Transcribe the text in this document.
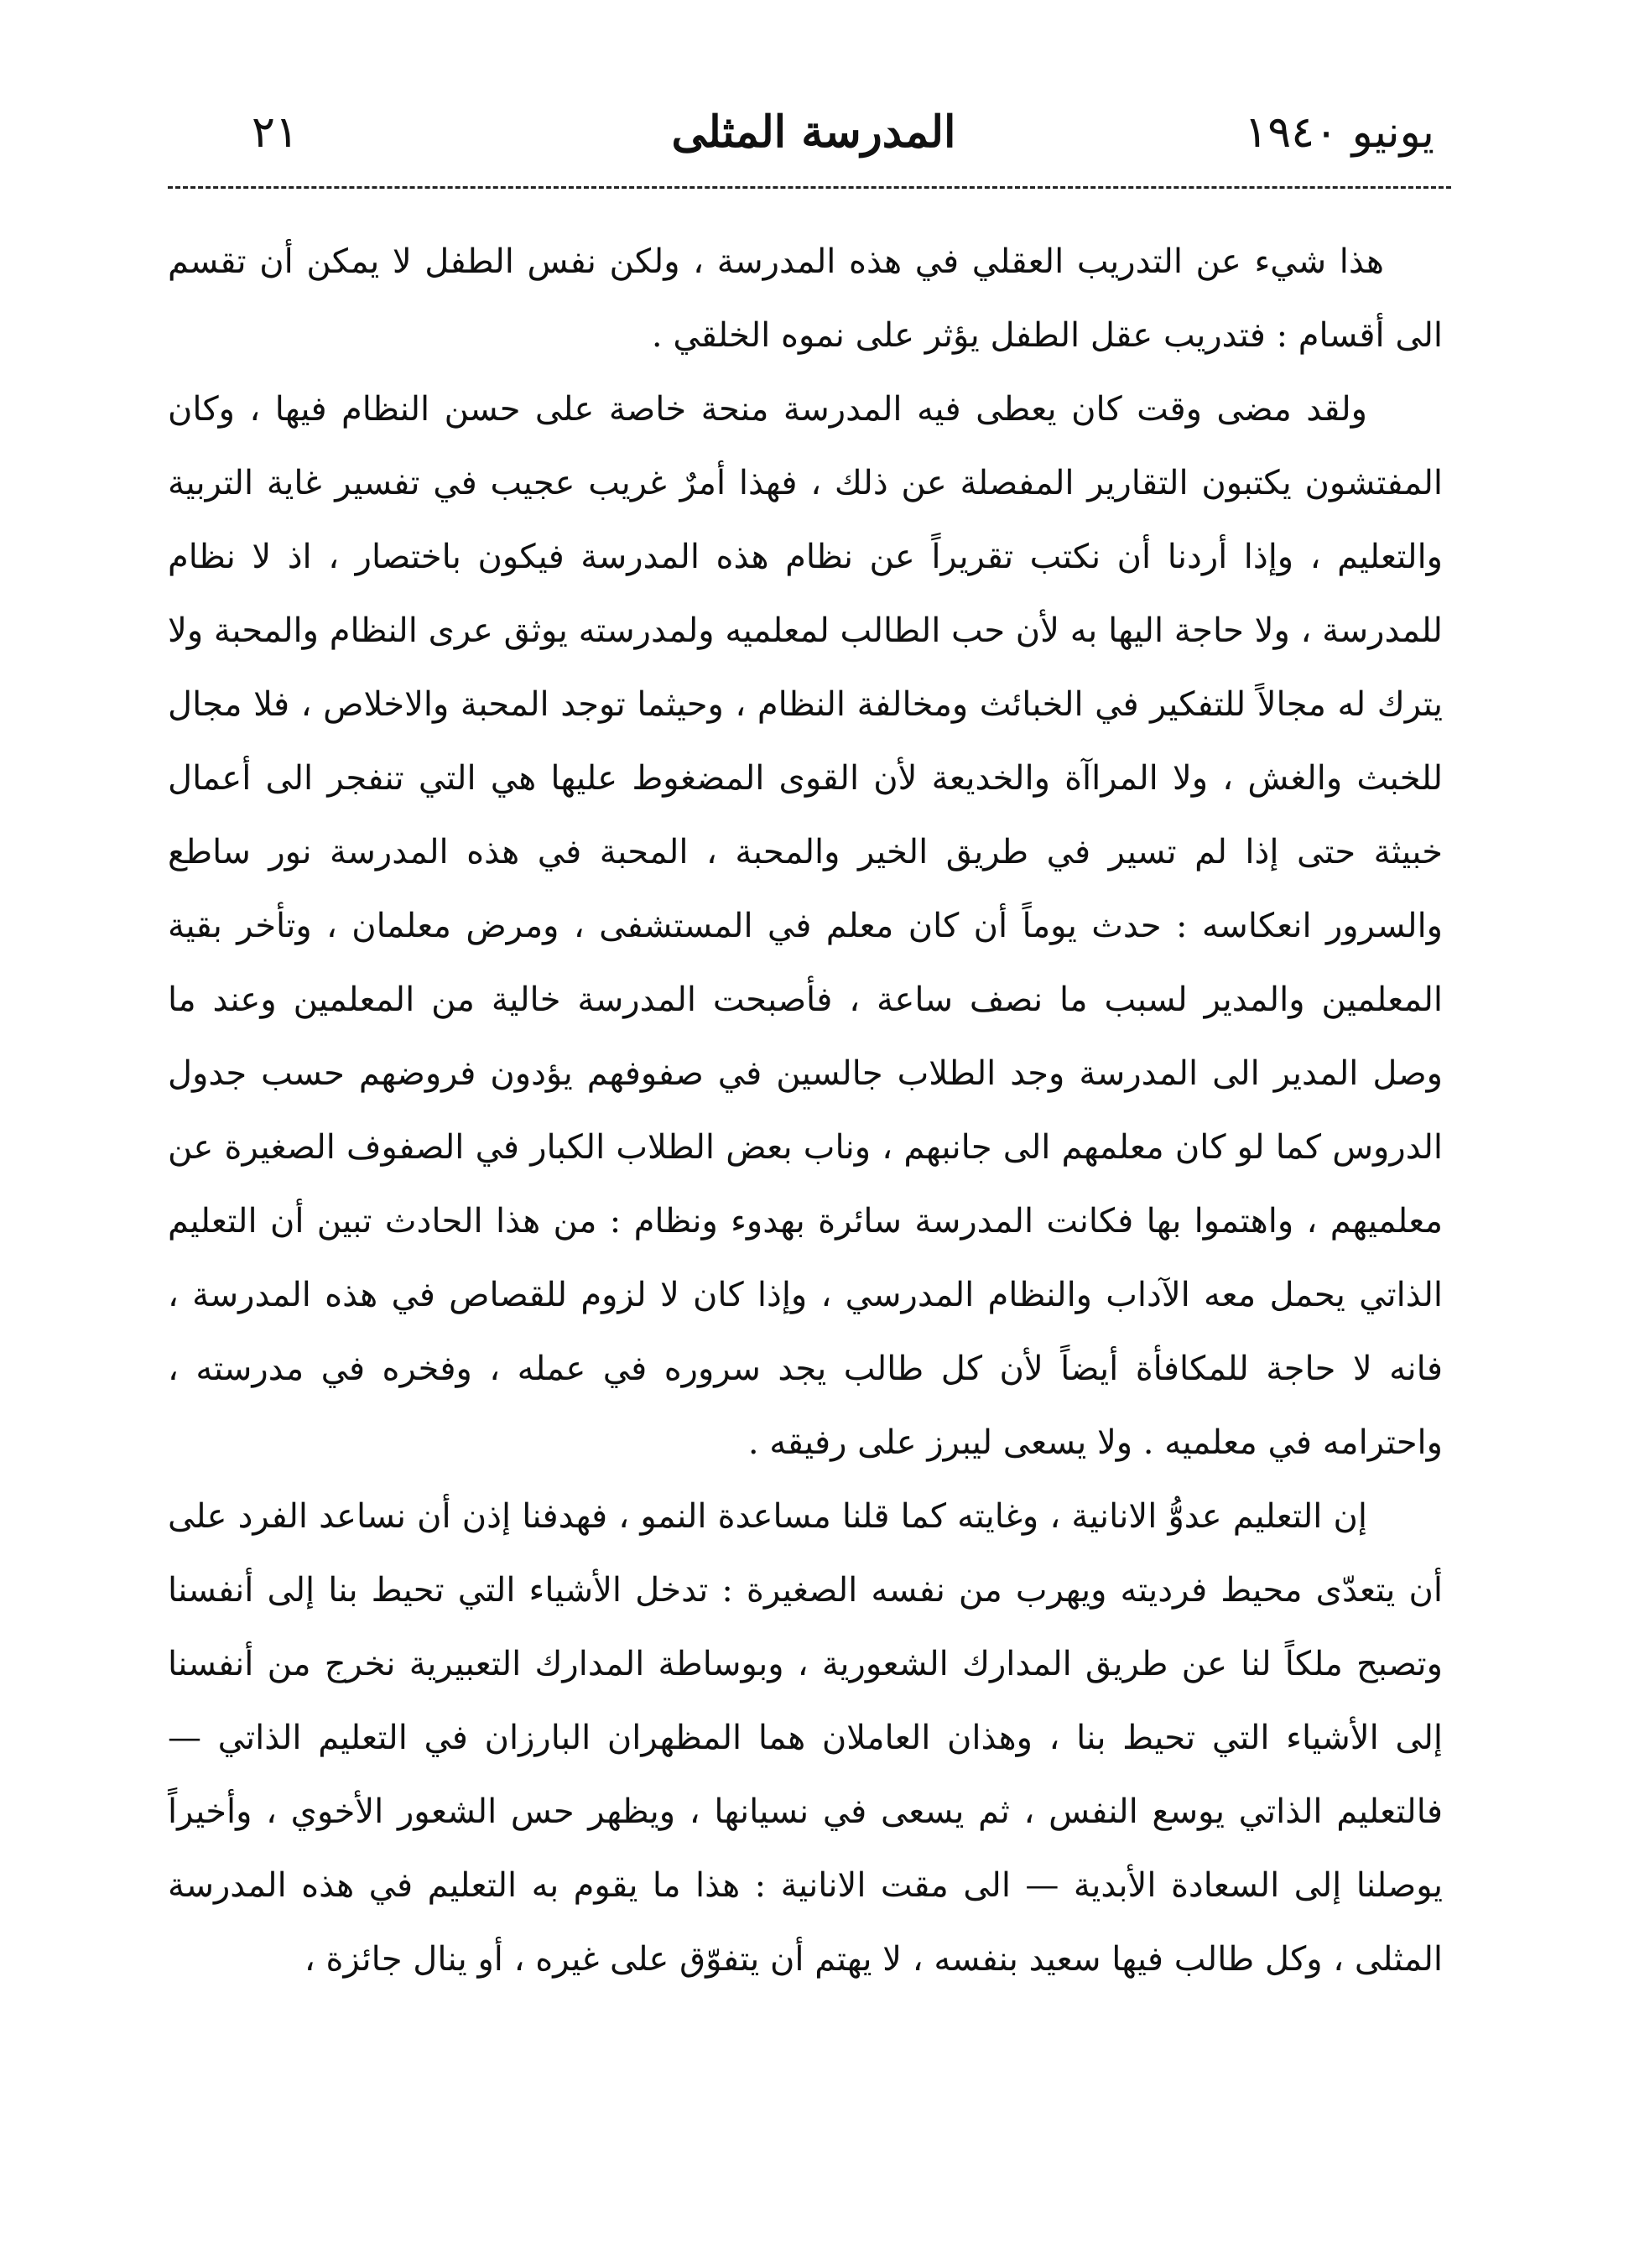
يونيو ١٩٤٠
المدرسة المثلى
٢١

هذا شيء عن التدريب العقلي في هذه المدرسة ، ولكن نفس الطفل لا يمكن أن تقسم الى أقسام : فتدريب عقل الطفل يؤثر على نموه الخلقي .

ولقد مضى وقت كان يعطى فيه المدرسة منحة خاصة على حسن النظام فيها ، وكان المفتشون يكتبون التقارير المفصلة عن ذلك ، فهذا أمرٌ غريب عجيب في تفسير غاية التربية والتعليم ، وإذا أردنا أن نكتب تقريراً عن نظام هذه المدرسة فيكون باختصار ، اذ لا نظام للمدرسة ، ولا حاجة اليها به لأن حب الطالب لمعلميه ولمدرسته يوثق عرى النظام والمحبة ولا يترك له مجالاً للتفكير في الخبائث ومخالفة النظام ، وحيثما توجد المحبة والاخلاص ، فلا مجال للخبث والغش ، ولا المراآة والخديعة لأن القوى المضغوط عليها هي التي تنفجر الى أعمال خبيثة حتى إذا لم تسير في طريق الخير والمحبة ، المحبة في هذه المدرسة نور ساطع والسرور انعكاسه : حدث يوماً أن كان معلم في المستشفى ، ومرض معلمان ، وتأخر بقية المعلمين والمدير لسبب ما نصف ساعة ، فأصبحت المدرسة خالية من المعلمين وعند ما وصل المدير الى المدرسة وجد الطلاب جالسين في صفوفهم يؤدون فروضهم حسب جدول الدروس كما لو كان معلمهم الى جانبهم ، وناب بعض الطلاب الكبار في الصفوف الصغيرة عن معلميهم ، واهتموا بها فكانت المدرسة سائرة بهدوء ونظام : من هذا الحادث تبين أن التعليم الذاتي يحمل معه الآداب والنظام المدرسي ، وإذا كان لا لزوم للقصاص في هذه المدرسة ، فانه لا حاجة للمكافأة أيضاً لأن كل طالب يجد سروره في عمله ، وفخره في مدرسته ، واحترامه في معلميه . ولا يسعى ليبرز على رفيقه .

إن التعليم عدوُّ الانانية ، وغايته كما قلنا مساعدة النمو ، فهدفنا إذن أن نساعد الفرد على أن يتعدّى محيط فرديته ويهرب من نفسه الصغيرة : تدخل الأشياء التي تحيط بنا إلى أنفسنا وتصبح ملكاً لنا عن طريق المدارك الشعورية ، وبوساطة المدارك التعبيرية نخرج من أنفسنا إلى الأشياء التي تحيط بنا ، وهذان العاملان هما المظهران البارزان في التعليم الذاتي — فالتعليم الذاتي يوسع النفس ، ثم يسعى في نسيانها ، ويظهر حس الشعور الأخوي ، وأخيراً يوصلنا إلى السعادة الأبدية — الى مقت الانانية : هذا ما يقوم به التعليم في هذه المدرسة المثلى ، وكل طالب فيها سعيد بنفسه ، لا يهتم أن يتفوّق على غيره ، أو ينال جائزة ،
